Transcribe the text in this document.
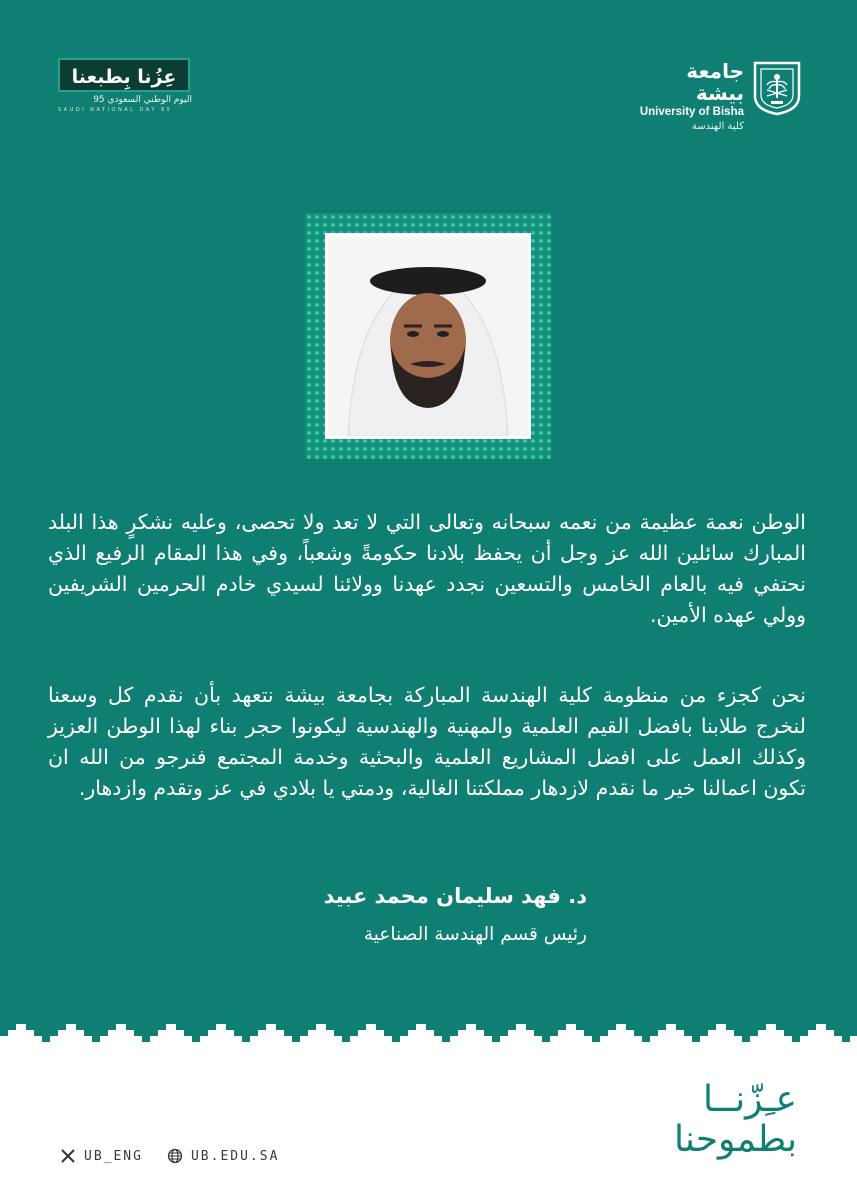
عِزُنا بِطبعنا
اليوم الوطني السعودي 95
SAUDI NATIONAL DAY 95
جامعة بيشة
University of Bisha
كلية الهندسة
الوطن نعمة عظيمة من نعمه سبحانه وتعالى التي لا تعد ولا تحصى، وعليه نشكرٍ هذا البلد المبارك سائلين الله عز وجل أن يحفظ بلادنا حكومةً وشعباً، وفي هذا المقام الرفيع الذي نحتفي فيه بالعام الخامس والتسعين نجدد عهدنا وولائنا لسيدي خادم الحرمين الشريفين وولي عهده الأمين.
نحن كجزء من منظومة كلية الهندسة المباركة بجامعة بيشة نتعهد بأن نقدم كل وسعنا لنخرج طلابنا بافضل القيم العلمية والمهنية والهندسية ليكونوا حجر بناء لهذا الوطن العزيز وكذلك العمل على افضل المشاريع العلمية والبحثية وخدمة المجتمع فنرجو من الله ان تكون اعمالنا خير ما نقدم لازدهار مملكتنا الغالية، ودمتي يا بلادي في عز وتقدم وازدهار.
د. فهد سليمان محمد عبيد
رئيس قسم الهندسة الصناعية
عـِزّنــا
بطموحنا
UB_ENG	UB.EDU.SA
